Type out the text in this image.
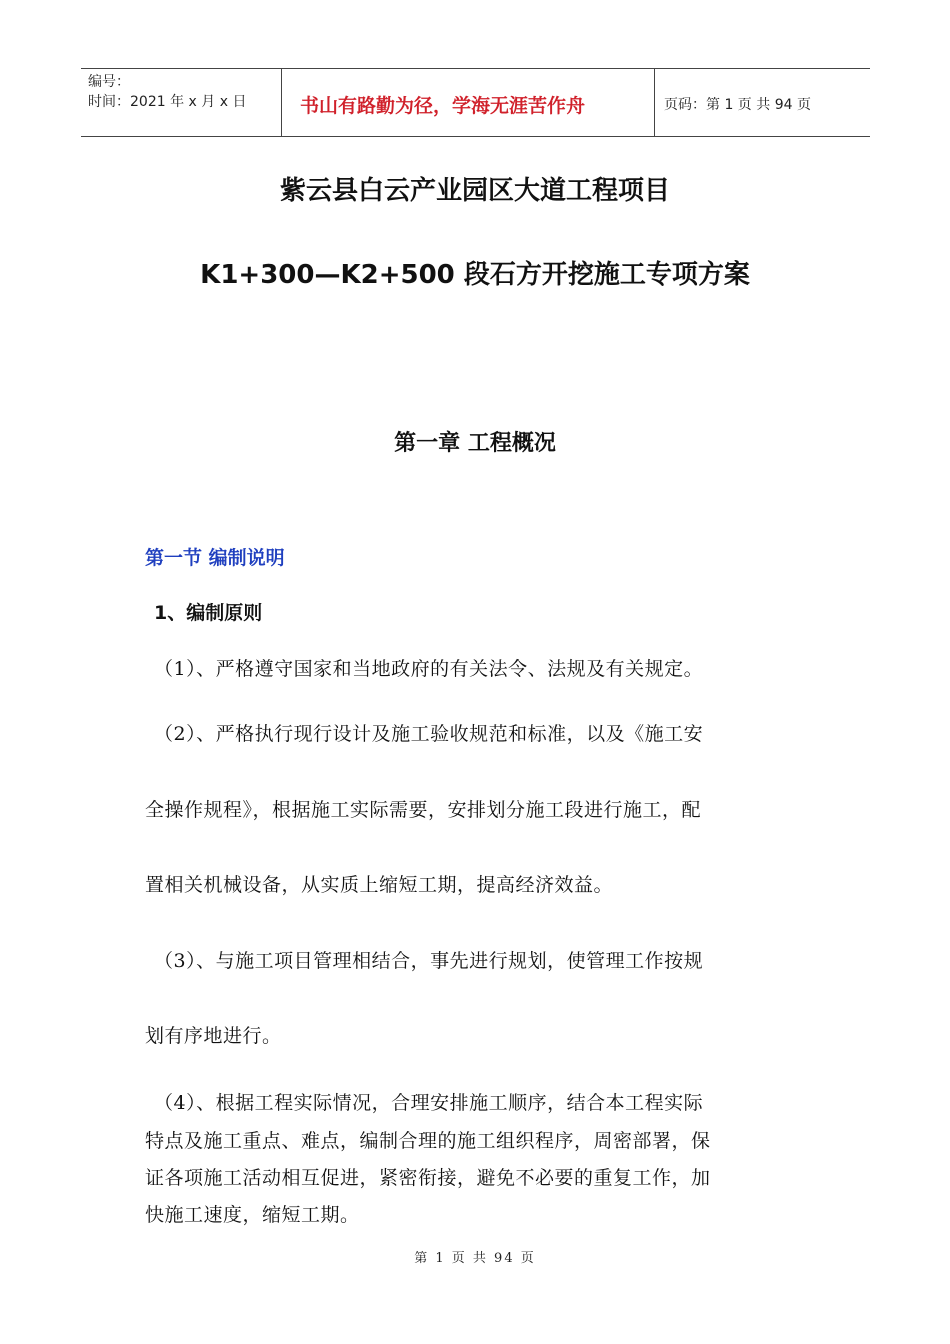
编号：
时间：2021 年 x 月 x 日	书山有路勤为径，学海无涯苦作舟	页码：第 1 页 共 94 页
紫云县白云产业园区大道工程项目
K1+300—K2+500 段石方开挖施工专项方案
第一章 工程概况
第一节 编制说明
1、编制原则
（1）、严格遵守国家和当地政府的有关法令、法规及有关规定。
（2）、严格执行现行设计及施工验收规范和标准，以及《施工安
全操作规程》，根据施工实际需要，安排划分施工段进行施工，配
置相关机械设备，从实质上缩短工期，提高经济效益。
（3）、与施工项目管理相结合，事先进行规划，使管理工作按规
划有序地进行。
（4）、根据工程实际情况，合理安排施工顺序，结合本工程实际
特点及施工重点、难点，编制合理的施工组织程序，周密部署，保
证各项施工活动相互促进，紧密衔接，避免不必要的重复工作，加
快施工速度，缩短工期。
第 1 页 共 94 页
